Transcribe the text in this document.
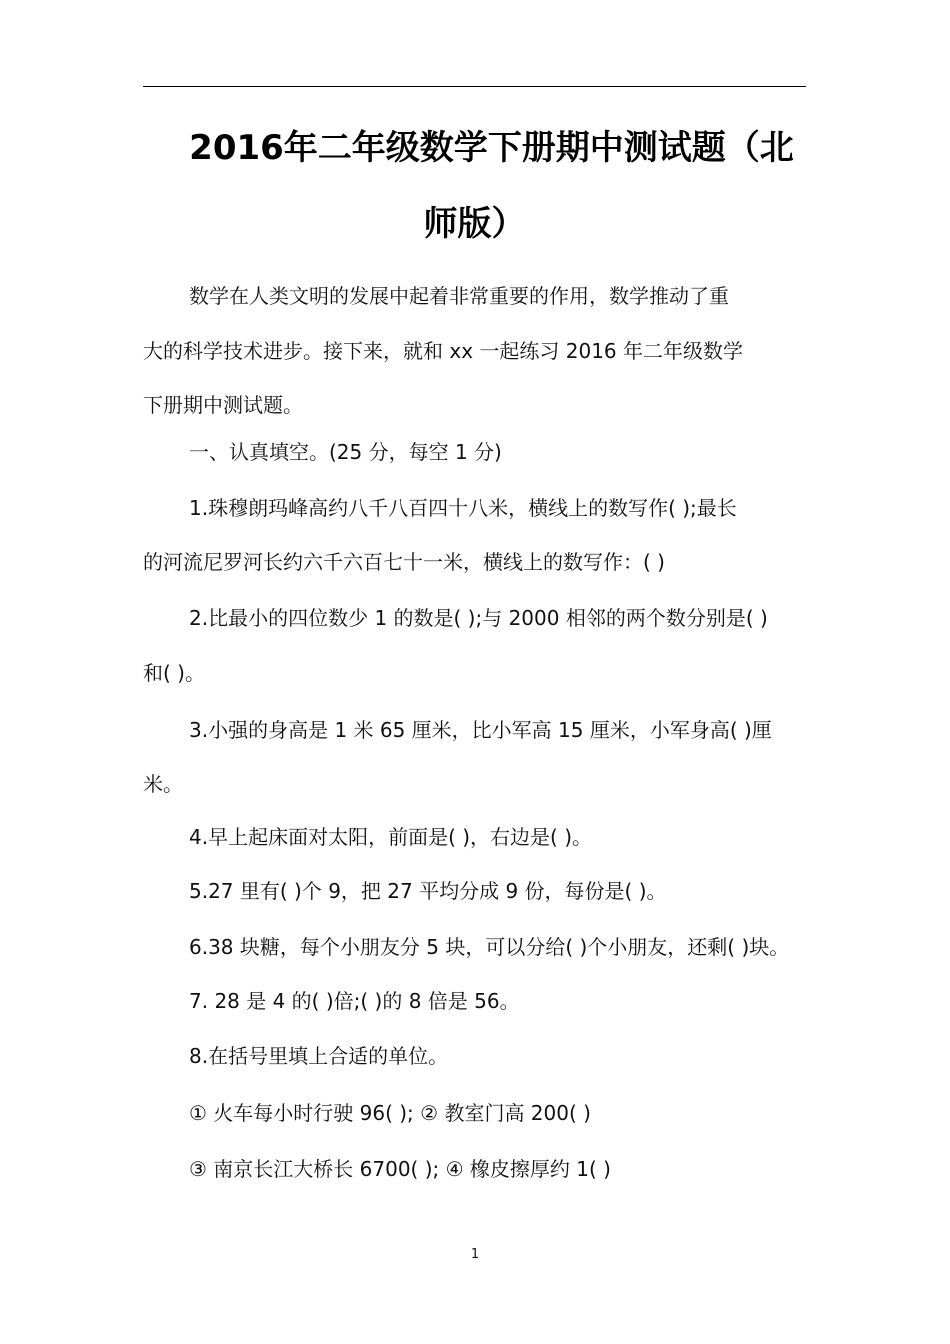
2016年二年级数学下册期中测试题（北
师版）
数学在人类文明的发展中起着非常重要的作用，数学推动了重
大的科学技术进步。接下来，就和 xx 一起练习 2016 年二年级数学
下册期中测试题。
一、认真填空。(25 分，每空 1 分)
1.珠穆朗玛峰高约八千八百四十八米，横线上的数写作( );最长
的河流尼罗河长约六千六百七十一米，横线上的数写作：( )
2.比最小的四位数少 1 的数是( );与 2000 相邻的两个数分别是( )
和( )。
3.小强的身高是 1 米 65 厘米，比小军高 15 厘米，小军身高( )厘
米。
4.早上起床面对太阳，前面是( )，右边是( )。
5.27 里有( )个 9，把 27 平均分成 9 份，每份是( )。
6.38 块糖，每个小朋友分 5 块，可以分给( )个小朋友，还剩( )块。
7. 28 是 4 的( )倍;( )的 8 倍是 56。
8.在括号里填上合适的单位。
① 火车每小时行驶 96( ); ② 教室门高 200( )
③ 南京长江大桥长 6700( ); ④ 橡皮擦厚约 1( )
1
